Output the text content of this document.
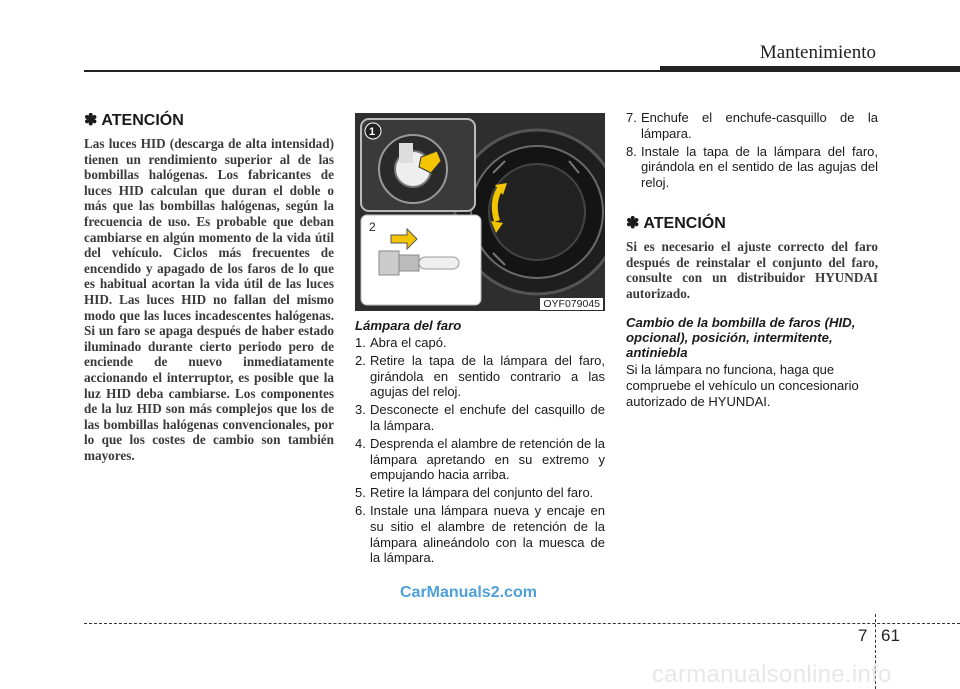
Mantenimiento
✽ ATENCIÓN

Las luces HID (descarga de alta intensidad) tienen un rendimiento superior al de las bombillas halógenas. Los fabricantes de luces HID calculan que duran el doble o más que las bombillas halógenas, según la frecuencia de uso. Es probable que deban cambiarse en algún momento de la vida útil del vehículo. Ciclos más frecuentes de encendido y apagado de los faros de lo que es habitual acortan la vida útil de las luces HID. Las luces HID no fallan del mismo modo que las luces incadescentes halógenas. Si un faro se apaga después de haber estado iluminado durante cierto periodo pero de enciende de nuevo inmediatamente accionando el interruptor, es posible que la luz HID deba cambiarse. Los componentes de la luz HID son más complejos que los de las bombillas halógenas convencionales, por lo que los costes de cambio son también mayores.

1
2
OYF079045

Lámpara del faro

1. Abra el capó.
2. Retire la tapa de la lámpara del faro, girándola en sentido contrario a las agujas del reloj.
3. Desconecte el enchufe del casquillo de la lámpara.
4. Desprenda el alambre de retención de la lámpara apretando en su extremo y empujando hacia arriba.
5. Retire la lámpara del conjunto del faro.
6. Instale una lámpara nueva y encaje en su sitio el alambre de retención de la lámpara alineándolo con la muesca de la lámpara.
7. Enchufe el enchufe-casquillo de la lámpara.
8. Instale la tapa de la lámpara del faro, girándola en el sentido de las agujas del reloj.
✽ ATENCIÓN

Si es necesario el ajuste correcto del faro después de reinstalar el conjunto del faro, consulte con un distribuidor HYUNDAI autorizado.

Cambio de la bombilla de faros (HID, opcional), posición, intermitente, antiniebla

Si la lámpara no funciona, haga que compruebe el vehículo un concesionario autorizado de HYUNDAI.

CarManuals2.com
7 61
carmanualsonline.info
